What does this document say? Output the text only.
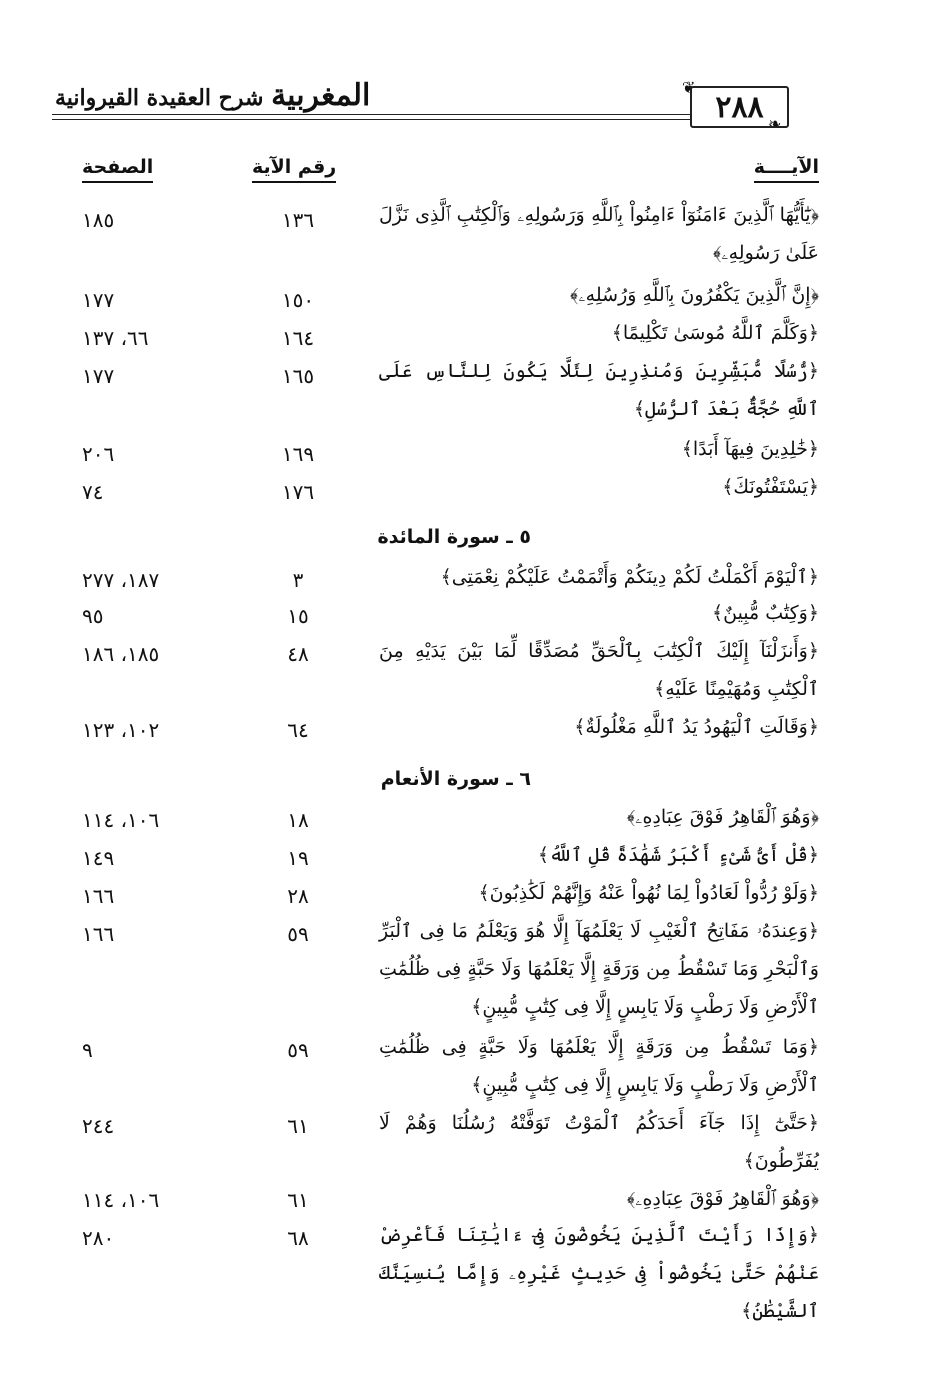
المغربية شرح العقيدة القيروانية	❦
٢٨٨ ❧
الآيــــة
رقم الآية
الصفحة
﴿يَٰٓأَيُّهَا ٱلَّذِينَ ءَامَنُوٓاْ ءَامِنُواْ بِٱللَّهِ وَرَسُولِهِۦ وَٱلْكِتَٰبِ ٱلَّذِى نَزَّلَ عَلَىٰ رَسُولِهِۦ﴾
١٣٦
١٨٥
﴿إِنَّ ٱلَّذِينَ يَكْفُرُونَ بِٱللَّهِ وَرُسُلِهِۦ﴾
١٥٠
١٧٧
﴿وَكَلَّمَ ٱللَّهُ مُوسَىٰ تَكْلِيمًا﴾
١٦٤
٦٦، ١٣٧
﴿رُّسُلًا مُّبَشِّرِينَ وَمُنذِرِينَ لِئَلَّا يَكُونَ لِلنَّاسِ عَلَى ٱللَّهِ حُجَّةٌۢ بَعْدَ ٱلرُّسُلِ﴾
١٦٥
١٧٧
﴿خَٰلِدِينَ فِيهَآ أَبَدًا﴾
١٦٩
٢٠٦
﴿يَسْتَفْتُونَكَ﴾
١٧٦
٧٤
٥ ـ سورة المائدة
﴿ٱلْيَوْمَ أَكْمَلْتُ لَكُمْ دِينَكُمْ وَأَتْمَمْتُ عَلَيْكُمْ نِعْمَتِى﴾
٣
١٨٧، ٢٧٧
﴿وَكِتَٰبٌ مُّبِينٌ﴾
١٥
٩٥
﴿وَأَنزَلْنَآ إِلَيْكَ ٱلْكِتَٰبَ بِٱلْحَقِّ مُصَدِّقًا لِّمَا بَيْنَ يَدَيْهِ مِنَ ٱلْكِتَٰبِ وَمُهَيْمِنًا عَلَيْهِ﴾
٤٨
١٨٥، ١٨٦
﴿وَقَالَتِ ٱلْيَهُودُ يَدُ ٱللَّهِ مَغْلُولَةٌ﴾
٦٤
١٠٢، ١٢٣
٦ ـ سورة الأنعام
﴿وَهُوَ ٱلْقَاهِرُ فَوْقَ عِبَادِهِۦ﴾
١٨
١٠٦، ١١٤
﴿قُلْ أَىُّ شَىْءٍ أَكْبَرُ شَهَٰدَةً قُلِ ٱللَّهُ﴾
١٩
١٤٩
﴿وَلَوْ رُدُّواْ لَعَادُواْ لِمَا نُهُواْ عَنْهُ وَإِنَّهُمْ لَكَٰذِبُونَ﴾
٢٨
١٦٦
﴿وَعِندَهُۥ مَفَاتِحُ ٱلْغَيْبِ لَا يَعْلَمُهَآ إِلَّا هُوَ وَيَعْلَمُ مَا فِى ٱلْبَرِّ وَٱلْبَحْرِ وَمَا تَسْقُطُ مِن وَرَقَةٍ إِلَّا يَعْلَمُهَا وَلَا حَبَّةٍ فِى ظُلُمَٰتِ ٱلْأَرْضِ وَلَا رَطْبٍ وَلَا يَابِسٍ إِلَّا فِى كِتَٰبٍ مُّبِينٍ﴾
٥٩
١٦٦
﴿وَمَا تَسْقُطُ مِن وَرَقَةٍ إِلَّا يَعْلَمُهَا وَلَا حَبَّةٍ فِى ظُلُمَٰتِ ٱلْأَرْضِ وَلَا رَطْبٍ وَلَا يَابِسٍ إِلَّا فِى كِتَٰبٍ مُّبِينٍ﴾
٥٩
٩
﴿حَتَّىٰٓ إِذَا جَآءَ أَحَدَكُمُ ٱلْمَوْتُ تَوَفَّتْهُ رُسُلُنَا وَهُمْ لَا يُفَرِّطُونَ﴾
٦١
٢٤٤
﴿وَهُوَ ٱلْقَاهِرُ فَوْقَ عِبَادِهِۦ﴾
٦١
١٠٦، ١١٤
﴿وَإِذَا رَأَيْتَ ٱلَّذِينَ يَخُوضُونَ فِىٓ ءَايَٰتِنَا فَأَعْرِضْ عَنْهُمْ حَتَّىٰ يَخُوضُواْ فِى حَدِيثٍ غَيْرِهِۦ وَإِمَّا يُنسِيَنَّكَ ٱلشَّيْطَٰنُ﴾
٦٨
٢٨٠
